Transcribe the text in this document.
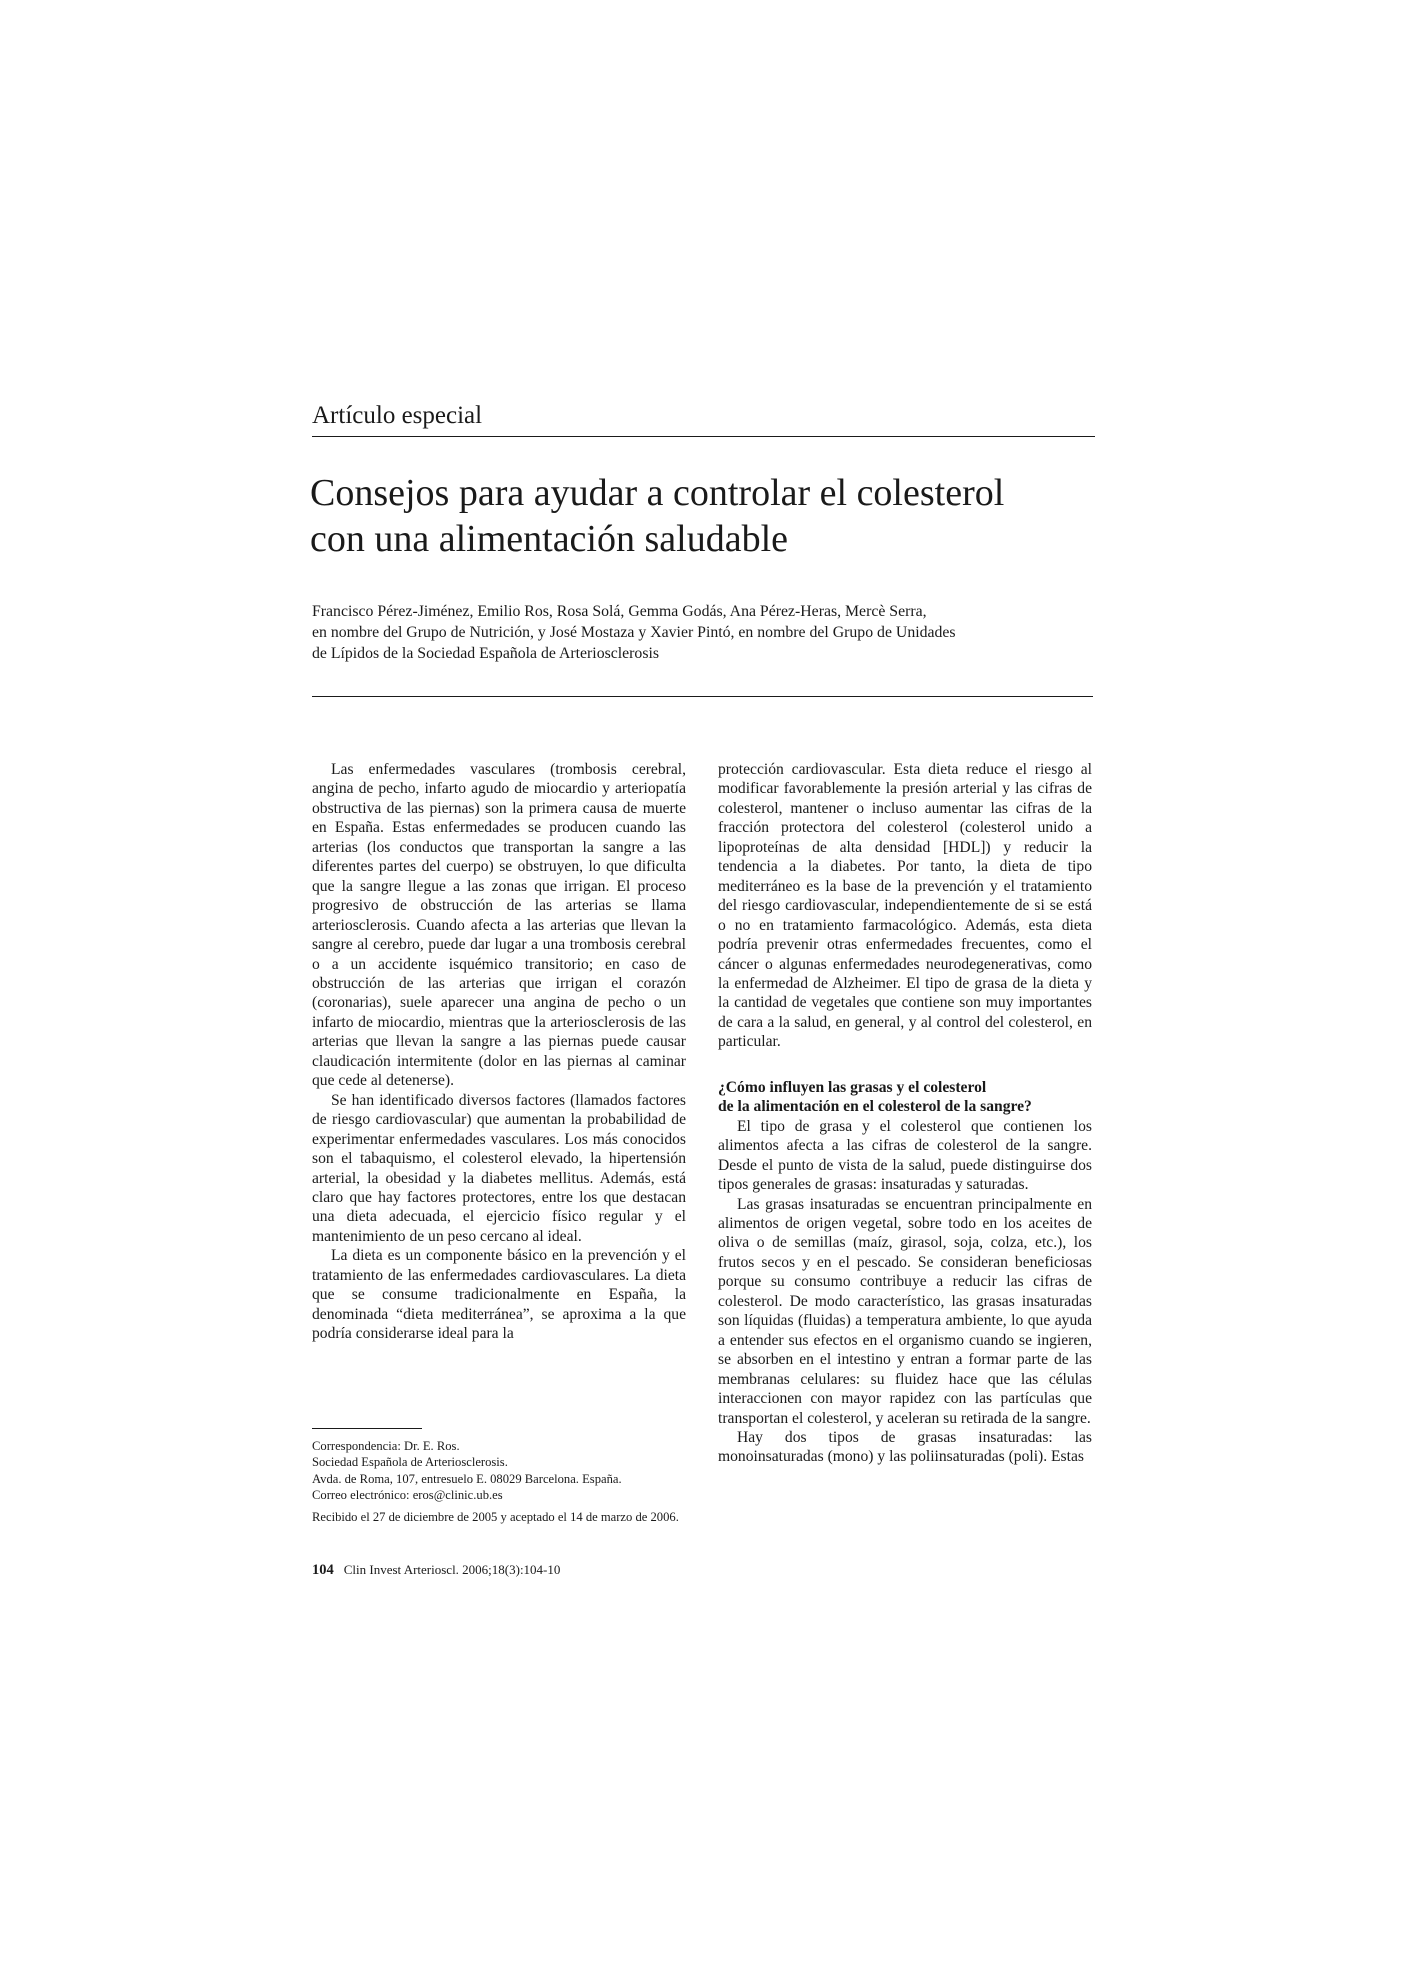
Artículo especial
Consejos para ayudar a controlar el colesterol
con una alimentación saludable

Francisco Pérez-Jiménez, Emilio Ros, Rosa Solá, Gemma Godás, Ana Pérez-Heras, Mercè Serra,
en nombre del Grupo de Nutrición, y José Mostaza y Xavier Pintó, en nombre del Grupo de Unidades
de Lípidos de la Sociedad Española de Arteriosclerosis

Las enfermedades vasculares (trombosis cerebral, angina de pecho, infarto agudo de miocardio y arteriopatía obstructiva de las piernas) son la primera causa de muerte en España. Estas enfermedades se producen cuando las arterias (los conductos que transportan la sangre a las diferentes partes del cuerpo) se obstruyen, lo que dificulta que la sangre llegue a las zonas que irrigan. El proceso progresivo de obstrucción de las arterias se llama arteriosclerosis. Cuando afecta a las arterias que llevan la sangre al cerebro, puede dar lugar a una trombosis cerebral o a un accidente isquémico transitorio; en caso de obstrucción de las arterias que irrigan el corazón (coronarias), suele aparecer una angina de pecho o un infarto de miocardio, mientras que la arteriosclerosis de las arterias que llevan la sangre a las piernas puede causar claudicación intermitente (dolor en las piernas al caminar que cede al detenerse).

Se han identificado diversos factores (llamados factores de riesgo cardiovascular) que aumentan la probabilidad de experimentar enfermedades vasculares. Los más conocidos son el tabaquismo, el colesterol elevado, la hipertensión arterial, la obesidad y la diabetes mellitus. Además, está claro que hay factores protectores, entre los que destacan una dieta adecuada, el ejercicio físico regular y el mantenimiento de un peso cercano al ideal.

La dieta es un componente básico en la prevención y el tratamiento de las enfermedades cardiovasculares. La dieta que se consume tradicionalmente en España, la denominada “dieta mediterránea”, se aproxima a la que podría considerarse ideal para la

Correspondencia: Dr. E. Ros.

Sociedad Española de Arteriosclerosis.

Avda. de Roma, 107, entresuelo E. 08029 Barcelona. España.

Correo electrónico: eros@clinic.ub.es

Recibido el 27 de diciembre de 2005 y aceptado el 14 de marzo de 2006.

protección cardiovascular. Esta dieta reduce el riesgo al modificar favorablemente la presión arterial y las cifras de colesterol, mantener o incluso aumentar las cifras de la fracción protectora del colesterol (colesterol unido a lipoproteínas de alta densidad [HDL]) y reducir la tendencia a la diabetes. Por tanto, la dieta de tipo mediterráneo es la base de la prevención y el tratamiento del riesgo cardiovascular, independientemente de si se está o no en tratamiento farmacológico. Además, esta dieta podría prevenir otras enfermedades frecuentes, como el cáncer o algunas enfermedades neurodegenerativas, como la enfermedad de Alzheimer. El tipo de grasa de la dieta y la cantidad de vegetales que contiene son muy importantes de cara a la salud, en general, y al control del colesterol, en particular.

¿Cómo influyen las grasas y el colesterol
de la alimentación en el colesterol de la sangre?

El tipo de grasa y el colesterol que contienen los alimentos afecta a las cifras de colesterol de la sangre. Desde el punto de vista de la salud, puede distinguirse dos tipos generales de grasas: insaturadas y saturadas.

Las grasas insaturadas se encuentran principalmente en alimentos de origen vegetal, sobre todo en los aceites de oliva o de semillas (maíz, girasol, soja, colza, etc.), los frutos secos y en el pescado. Se consideran beneficiosas porque su consumo contribuye a reducir las cifras de colesterol. De modo característico, las grasas insaturadas son líquidas (fluidas) a temperatura ambiente, lo que ayuda a entender sus efectos en el organismo cuando se ingieren, se absorben en el intestino y entran a formar parte de las membranas celulares: su fluidez hace que las células interaccionen con mayor rapidez con las partículas que transportan el colesterol, y aceleran su retirada de la sangre.

Hay dos tipos de grasas insaturadas: las monoinsaturadas (mono) y las poliinsaturadas (poli). Estas

104 Clin Invest Arterioscl. 2006;18(3):104-10
